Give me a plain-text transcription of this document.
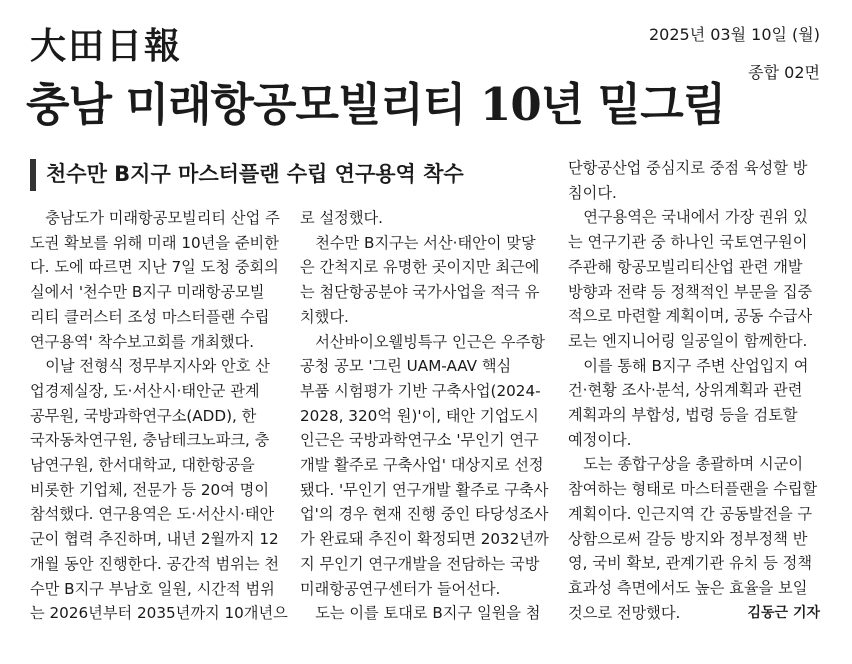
大田日報	2025년 03월 10일 (월)
종합 02면
충남 미래항공모빌리티 10년 밑그림
천수만 B지구 마스터플랜 수립 연구용역 착수

　충남도가 미래항공모빌리티 산업 주

도권 확보를 위해 미래 10년을 준비한

다. 도에 따르면 지난 7일 도청 중회의

실에서 '천수만 B지구 미래항공모빌

리티 클러스터 조성 마스터플랜 수립

연구용역' 착수보고회를 개최했다.

　이날 전형식 정무부지사와 안호 산

업경제실장, 도·서산시·태안군 관계

공무원, 국방과학연구소(ADD), 한

국자동차연구원, 충남테크노파크, 충

남연구원, 한서대학교, 대한항공을

비롯한 기업체, 전문가 등 20여 명이

참석했다. 연구용역은 도·서산시·태안

군이 협력 추진하며, 내년 2월까지 12

개월 동안 진행한다. 공간적 범위는 천

수만 B지구 부남호 일원, 시간적 범위

는 2026년부터 2035년까지 10개년으

로 설정했다.

　천수만 B지구는 서산·태안이 맞닿

은 간척지로 유명한 곳이지만 최근에

는 첨단항공분야 국가사업을 적극 유

치했다.

　서산바이오웰빙특구 인근은 우주항

공청 공모 '그린 UAM-AAV 핵심

부품 시험평가 기반 구축사업(2024-

2028, 320억 원)'이, 태안 기업도시

인근은 국방과학연구소 '무인기 연구

개발 활주로 구축사업' 대상지로 선정

됐다. '무인기 연구개발 활주로 구축사

업'의 경우 현재 진행 중인 타당성조사

가 완료돼 추진이 확정되면 2032년까

지 무인기 연구개발을 전담하는 국방

미래항공연구센터가 들어선다.

　도는 이를 토대로 B지구 일원을 첨

단항공산업 중심지로 중점 육성할 방

침이다.

　연구용역은 국내에서 가장 권위 있

는 연구기관 중 하나인 국토연구원이

주관해 항공모빌리티산업 관련 개발

방향과 전략 등 정책적인 부문을 집중

적으로 마련할 계획이며, 공동 수급사

로는 엔지니어링 일공일이 함께한다.

　이를 통해 B지구 주변 산업입지 여

건·현황 조사·분석, 상위계획과 관련

계획과의 부합성, 법령 등을 검토할

예정이다.

　도는 종합구상을 총괄하며 시군이

참여하는 형태로 마스터플랜을 수립할

계획이다. 인근지역 간 공동발전을 구

상함으로써 갈등 방지와 정부정책 반

영, 국비 확보, 관계기관 유치 등 정책

효과성 측면에서도 높은 효율을 보일

것으로 전망했다.	김동근 기자
